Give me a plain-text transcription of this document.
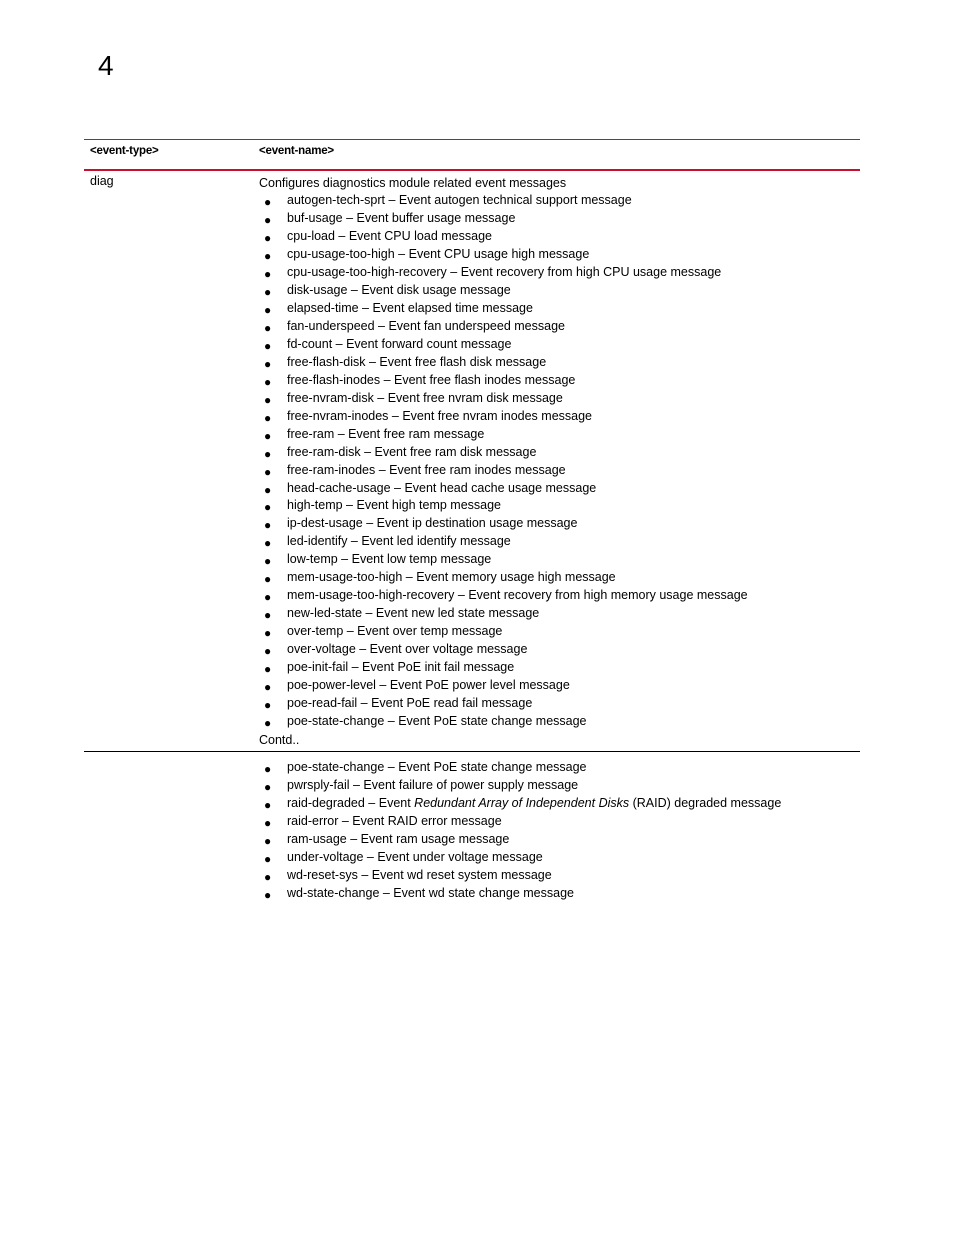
4
<event-type>	<event-name>
diag	Configures diagnostics module related event messages
● autogen-tech-sprt – Event autogen technical support message
● buf-usage – Event buffer usage message
● cpu-load – Event CPU load message
● cpu-usage-too-high – Event CPU usage high message
● cpu-usage-too-high-recovery – Event recovery from high CPU usage message
● disk-usage – Event disk usage message
● elapsed-time – Event elapsed time message
● fan-underspeed – Event fan underspeed message
● fd-count – Event forward count message
● free-flash-disk – Event free flash disk message
● free-flash-inodes – Event free flash inodes message
● free-nvram-disk – Event free nvram disk message
● free-nvram-inodes – Event free nvram inodes message
● free-ram – Event free ram message
● free-ram-disk – Event free ram disk message
● free-ram-inodes – Event free ram inodes message
● head-cache-usage – Event head cache usage message
● high-temp – Event high temp message
● ip-dest-usage – Event ip destination usage message
● led-identify – Event led identify message
● low-temp – Event low temp message
● mem-usage-too-high – Event memory usage high message
● mem-usage-too-high-recovery – Event recovery from high memory usage message
● new-led-state – Event new led state message
● over-temp – Event over temp message
● over-voltage – Event over voltage message
● poe-init-fail – Event PoE init fail message
● poe-power-level – Event PoE power level message
● poe-read-fail – Event PoE read fail message
● poe-state-change – Event PoE state change message
Contd..
● poe-state-change – Event PoE state change message
● pwrsply-fail – Event failure of power supply message
● raid-degraded – Event Redundant Array of Independent Disks (RAID) degraded message
● raid-error – Event RAID error message
● ram-usage – Event ram usage message
● under-voltage – Event under voltage message
● wd-reset-sys – Event wd reset system message
● wd-state-change – Event wd state change message
